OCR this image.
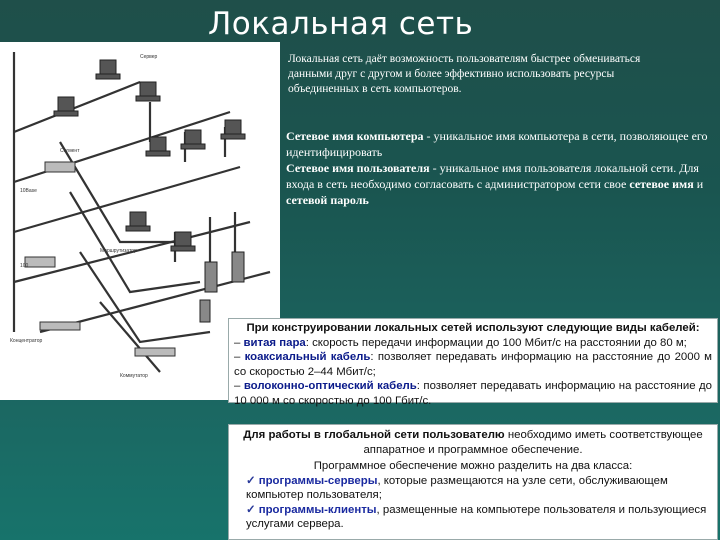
Локальная сеть
Сервер
Сегмент
10Base
Маршрутизатор
100
Концентратор
Коммутатор
Локальная сеть даёт возможность пользователям быстрее обмениваться данными друг с другом и более эффективно использовать ресурсы объединенных в сеть компьютеров.
Сетевое имя компьютера - уникальное имя компьютера в сети, позволяющее его идентифицировать
Сетевое имя пользователя - уникальное имя пользователя локальной сети. Для входа в сеть необходимо согласовать с администратором сети свое сетевое имя и сетевой пароль
При конструировании локальных сетей используют следующие виды кабелей:
– витая пара: скорость передачи информации до 100 Мбит/с на расстоянии до 80 м;
– коаксиальный кабель: позволяет передавать информацию на расстояние до 2000 м со скоростью 2–44 Мбит/с;
– волоконно-оптический кабель: позволяет передавать информацию на расстояние до 10 000 м со скоростью до 100 Гбит/с.
Для работы в глобальной сети пользователю необходимо иметь соответствующее аппаратное и программное обеспечение.
Программное обеспечение можно разделить на два класса:
✓ программы-серверы, которые размещаются на узле сети, обслуживающем компьютер пользователя;
✓ программы-клиенты, размещенные на компьютере пользователя и пользующиеся услугами сервера.
